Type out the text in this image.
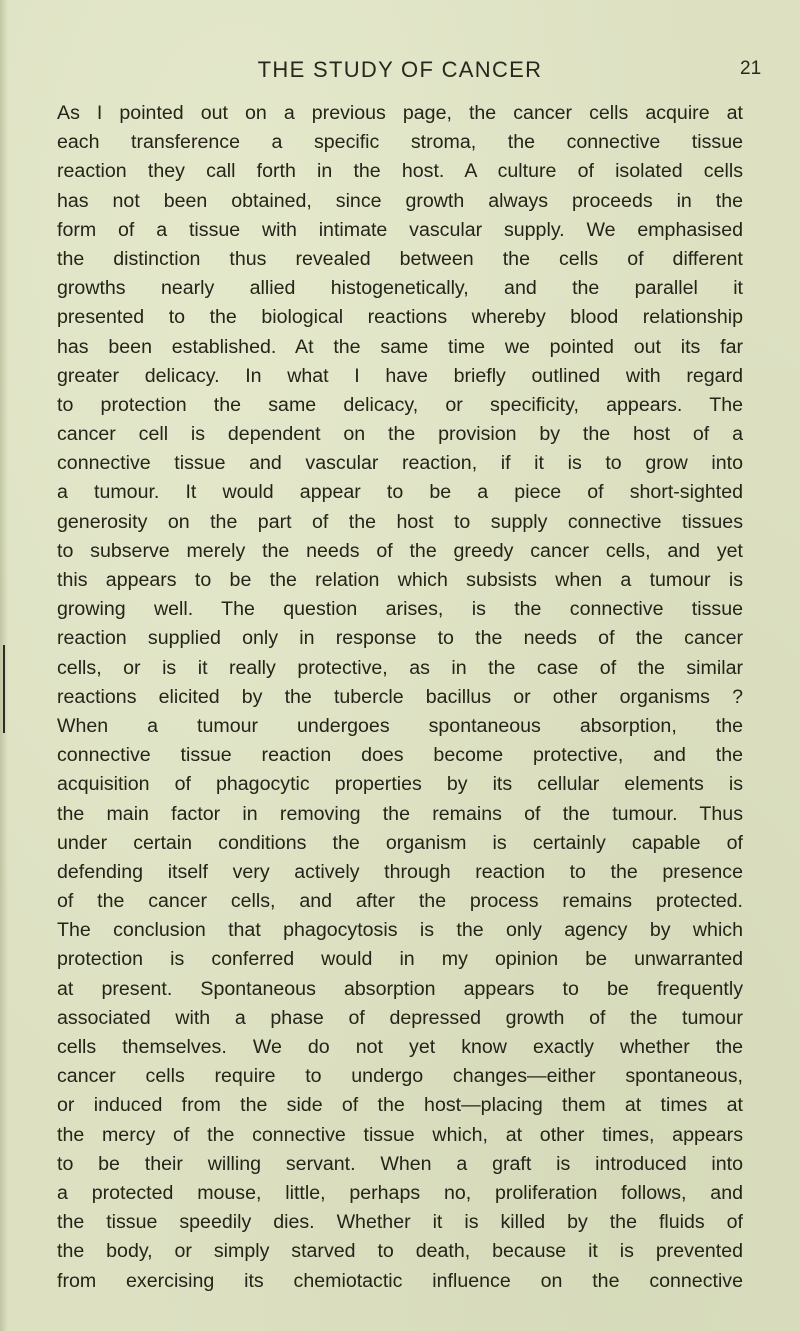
THE STUDY OF CANCER	21
As I pointed out on a previous page, the cancer cells acquire at
each transference a specific stroma, the connective tissue
reaction they call forth in the host. A culture of isolated cells
has not been obtained, since growth always proceeds in the
form of a tissue with intimate vascular supply. We emphasised
the distinction thus revealed between the cells of different
growths nearly allied histogenetically, and the parallel it
presented to the biological reactions whereby blood relationship
has been established. At the same time we pointed out its far
greater delicacy. In what I have briefly outlined with regard
to protection the same delicacy, or specificity, appears. The
cancer cell is dependent on the provision by the host of a
connective tissue and vascular reaction, if it is to grow into
a tumour. It would appear to be a piece of short-sighted
generosity on the part of the host to supply connective tissues
to subserve merely the needs of the greedy cancer cells, and yet
this appears to be the relation which subsists when a tumour is
growing well. The question arises, is the connective tissue
reaction supplied only in response to the needs of the cancer
cells, or is it really protective, as in the case of the similar
reactions elicited by the tubercle bacillus or other organisms ?
When a tumour undergoes spontaneous absorption, the
connective tissue reaction does become protective, and the
acquisition of phagocytic properties by its cellular elements is
the main factor in removing the remains of the tumour. Thus
under certain conditions the organism is certainly capable of
defending itself very actively through reaction to the presence
of the cancer cells, and after the process remains protected.
The conclusion that phagocytosis is the only agency by which
protection is conferred would in my opinion be unwarranted
at present. Spontaneous absorption appears to be frequently
associated with a phase of depressed growth of the tumour
cells themselves. We do not yet know exactly whether the
cancer cells require to undergo changes—either spontaneous,
or induced from the side of the host—placing them at times at
the mercy of the connective tissue which, at other times, appears
to be their willing servant. When a graft is introduced into
a protected mouse, little, perhaps no, proliferation follows, and
the tissue speedily dies. Whether it is killed by the fluids of
the body, or simply starved to death, because it is prevented
from exercising its chemiotactic influence on the connective
